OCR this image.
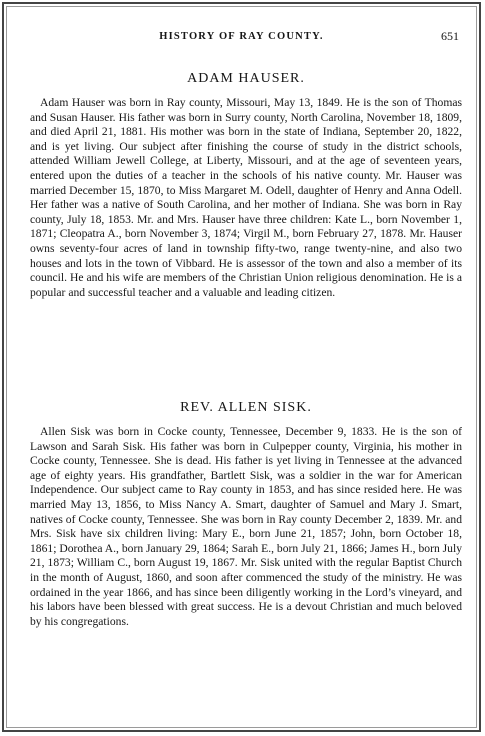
HISTORY OF RAY COUNTY.	651
ADAM HAUSER.

Adam Hauser was born in Ray county, Missouri, May 13, 1849. He is the son of Thomas and Susan Hauser. His father was born in Surry county, North Carolina, November 18, 1809, and died April 21, 1881. His mother was born in the state of Indiana, September 20, 1822, and is yet living. Our subject after finishing the course of study in the district schools, attended William Jewell College, at Liberty, Missouri, and at the age of seventeen years, entered upon the duties of a teacher in the schools of his native county. Mr. Hauser was married December 15, 1870, to Miss Margaret M. Odell, daughter of Henry and Anna Odell. Her father was a native of South Carolina, and her mother of Indiana. She was born in Ray county, July 18, 1853. Mr. and Mrs. Hauser have three children: Kate L., born November 1, 1871; Cleopatra A., born November 3, 1874; Virgil M., born February 27, 1878. Mr. Hauser owns seventy-four acres of land in township fifty-two, range twenty-nine, and also two houses and lots in the town of Vibbard. He is assessor of the town and also a member of its council. He and his wife are members of the Christian Union religious denomination. He is a popular and successful teacher and a valuable and leading citizen.

REV. ALLEN SISK.

Allen Sisk was born in Cocke county, Tennessee, December 9, 1833. He is the son of Lawson and Sarah Sisk. His father was born in Culpepper county, Virginia, his mother in Cocke county, Tennessee. She is dead. His father is yet living in Tennessee at the advanced age of eighty years. His grandfather, Bartlett Sisk, was a soldier in the war for American Independence. Our subject came to Ray county in 1853, and has since resided here. He was married May 13, 1856, to Miss Nancy A. Smart, daughter of Samuel and Mary J. Smart, natives of Cocke county, Tennessee. She was born in Ray county December 2, 1839. Mr. and Mrs. Sisk have six children living: Mary E., born June 21, 1857; John, born October 18, 1861; Dorothea A., born January 29, 1864; Sarah E., born July 21, 1866; James H., born July 21, 1873; William C., born August 19, 1867. Mr. Sisk united with the regular Baptist Church in the month of August, 1860, and soon after commenced the study of the ministry. He was ordained in the year 1866, and has since been diligently working in the Lord’s vineyard, and his labors have been blessed with great success. He is a devout Christian and much beloved by his congregations.
